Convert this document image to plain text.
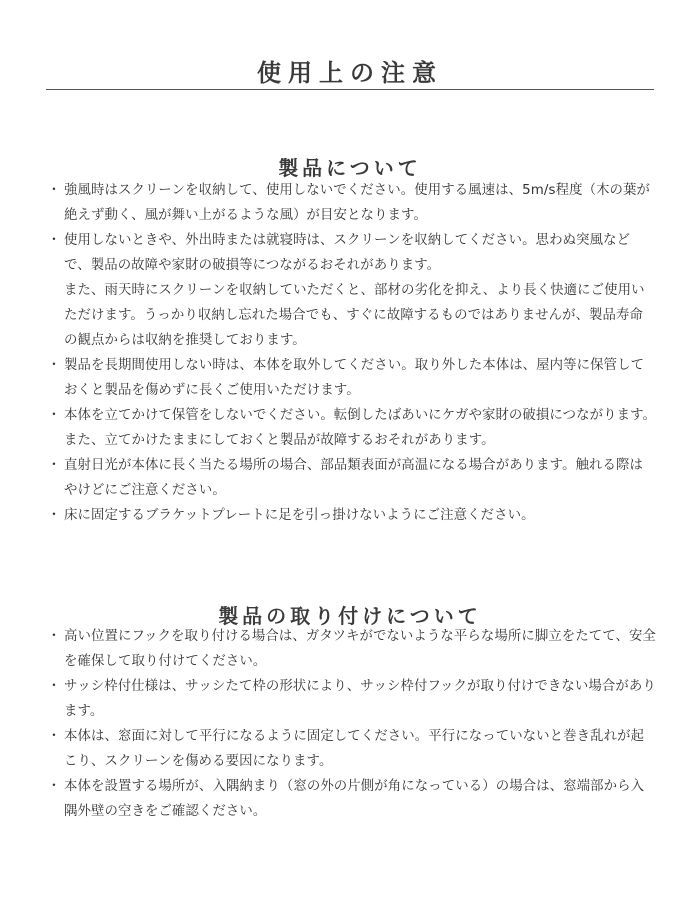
使用上の注意
製品について
・ 強風時はスクリーンを収納して、使用しないでください。使用する風速は、5m/s程度（木の葉が絶えず動く、風が舞い上がるような風）が目安となります。

・ 使用しないときや、外出時または就寝時は、スクリーンを収納してください。思わぬ突風などで、製品の故障や家財の破損等につながるおそれがあります。

また、雨天時にスクリーンを収納していただくと、部材の劣化を抑え、より長く快適にご使用いただけます。うっかり収納し忘れた場合でも、すぐに故障するものではありませんが、製品寿命の観点からは収納を推奨しております。

・ 製品を長期間使用しない時は、本体を取外してください。取り外した本体は、屋内等に保管しておくと製品を傷めずに長くご使用いただけます。

・ 本体を立てかけて保管をしないでください。転倒したばあいにケガや家財の破損につながります。また、立てかけたままにしておくと製品が故障するおそれがあります。

・ 直射日光が本体に長く当たる場所の場合、部品類表面が高温になる場合があります。触れる際はやけどにご注意ください。

・ 床に固定するブラケットプレートに足を引っ掛けないようにご注意ください。

製品の取り付けについて
・ 高い位置にフックを取り付ける場合は、ガタツキがでないような平らな場所に脚立をたてて、安全を確保して取り付けてください。

・ サッシ枠付仕様は、サッシたて枠の形状により、サッシ枠付フックが取り付けできない場合があります。

・ 本体は、窓面に対して平行になるように固定してください。平行になっていないと巻き乱れが起こり、スクリーンを傷める要因になります。

・ 本体を設置する場所が、入隅納まり（窓の外の片側が角になっている）の場合は、窓端部から入隅外壁の空きをご確認ください。
